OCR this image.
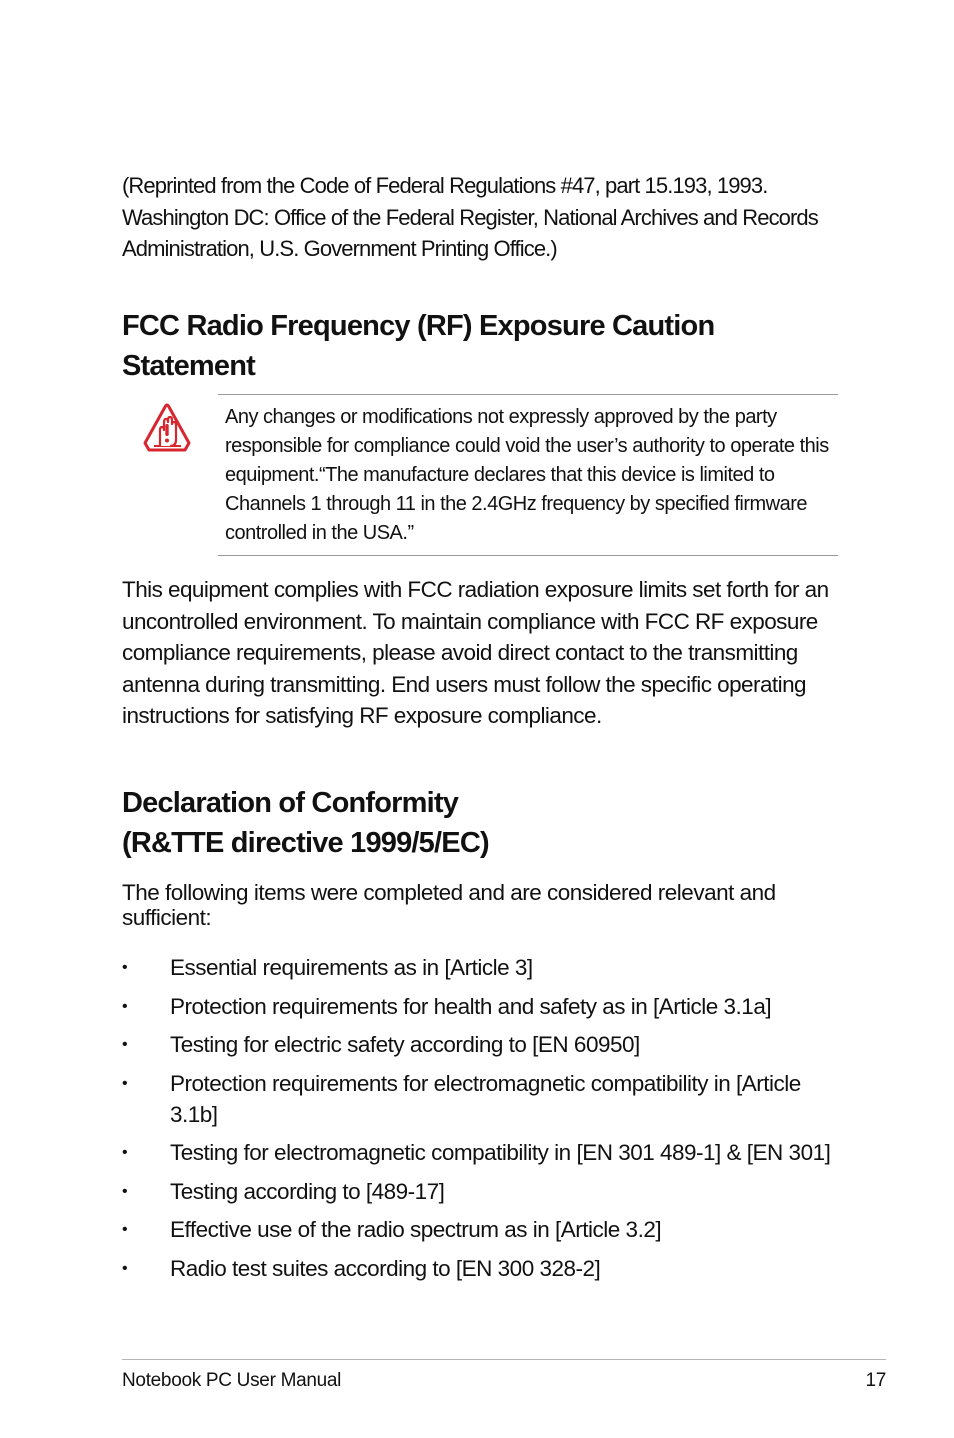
(Reprinted from the Code of Federal Regulations #47, part 15.193, 1993. Washington DC: Office of the Federal Register, National Archives and Records Administration, U.S. Government Printing Office.)

FCC Radio Frequency (RF) Exposure Caution Statement

Any changes or modifications not expressly approved by the party responsible for compliance could void the user’s authority to operate this equipment.“The manufacture declares that this device is limited to Channels 1 through 11 in the 2.4GHz frequency by specified firmware controlled in the USA.”

This equipment complies with FCC radiation exposure limits set forth for an uncontrolled environment. To maintain compliance with FCC RF exposure compliance requirements, please avoid direct contact to the transmitting antenna during transmitting. End users must follow the specific operating instructions for satisfying RF exposure compliance.

Declaration of Conformity
(R&TTE directive 1999/5/EC)

The following items were completed and are considered relevant and sufficient:

• Essential requirements as in [Article 3]
• Protection requirements for health and safety as in [Article 3.1a]
• Testing for electric safety according to [EN 60950]
• Protection requirements for electromagnetic compatibility in [Article 3.1b]
• Testing for electromagnetic compatibility in [EN 301 489-1] & [EN 301]
• Testing according to [489-17]
• Effective use of the radio spectrum as in [Article 3.2]
• Radio test suites according to [EN 300 328-2]
Notebook PC User Manual	17
